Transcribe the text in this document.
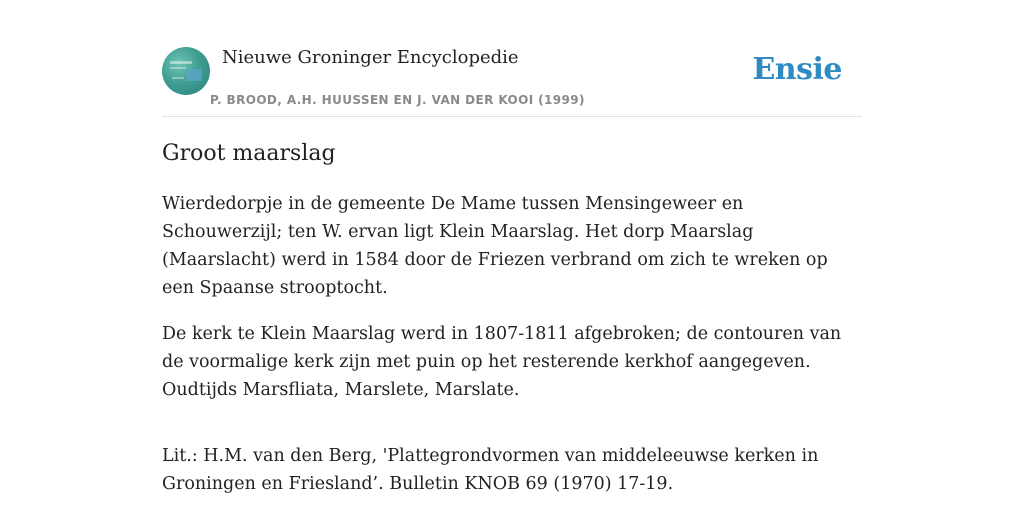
Nieuwe Groninger Encyclopedie
P. BROOD, A.H. HUUSSEN EN J. VAN DER KOOI (1999)
Ensie
Groot maarslag

Wierdedorpje in de gemeente De Mame tussen Mensingeweer en Schouwerzijl; ten W. ervan ligt Klein Maarslag. Het dorp Maarslag (Maarslacht) werd in 1584 door de Friezen verbrand om zich te wreken op een Spaanse strooptocht.

De kerk te Klein Maarslag werd in 1807-1811 afgebroken; de contouren van de voormalige kerk zijn met puin op het resterende kerkhof aangegeven. Oudtijds Marsfliata, Marslete, Marslate.

Lit.: H.M. van den Berg, 'Plattegrondvormen van middeleeuwse kerken in Groningen en Friesland’. Bulletin KNOB 69 (1970) 17-19.
